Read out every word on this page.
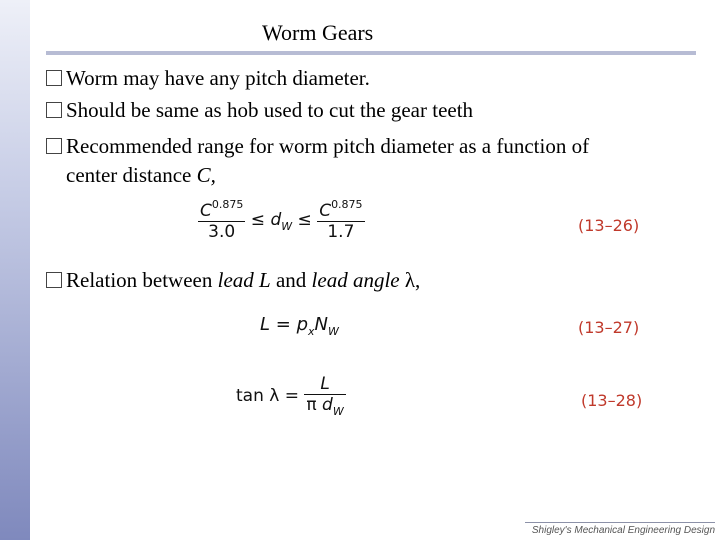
Worm Gears
Worm may have any pitch diameter.
Should be same as hob used to cut the gear teeth
Recommended range for worm pitch diameter as a function of
center distance C,
$\frac{C^{0.875}}{3.0} \le d_W \le \frac{C^{0.875}}{1.7}$	(13–26)
Relation between lead L and lead angle λ,
$L = p_xN_W$	(13–27)
$\tan \lambda = \frac{L}{\pi d_W}$	(13–28)
Shigley's Mechanical Engineering Design
